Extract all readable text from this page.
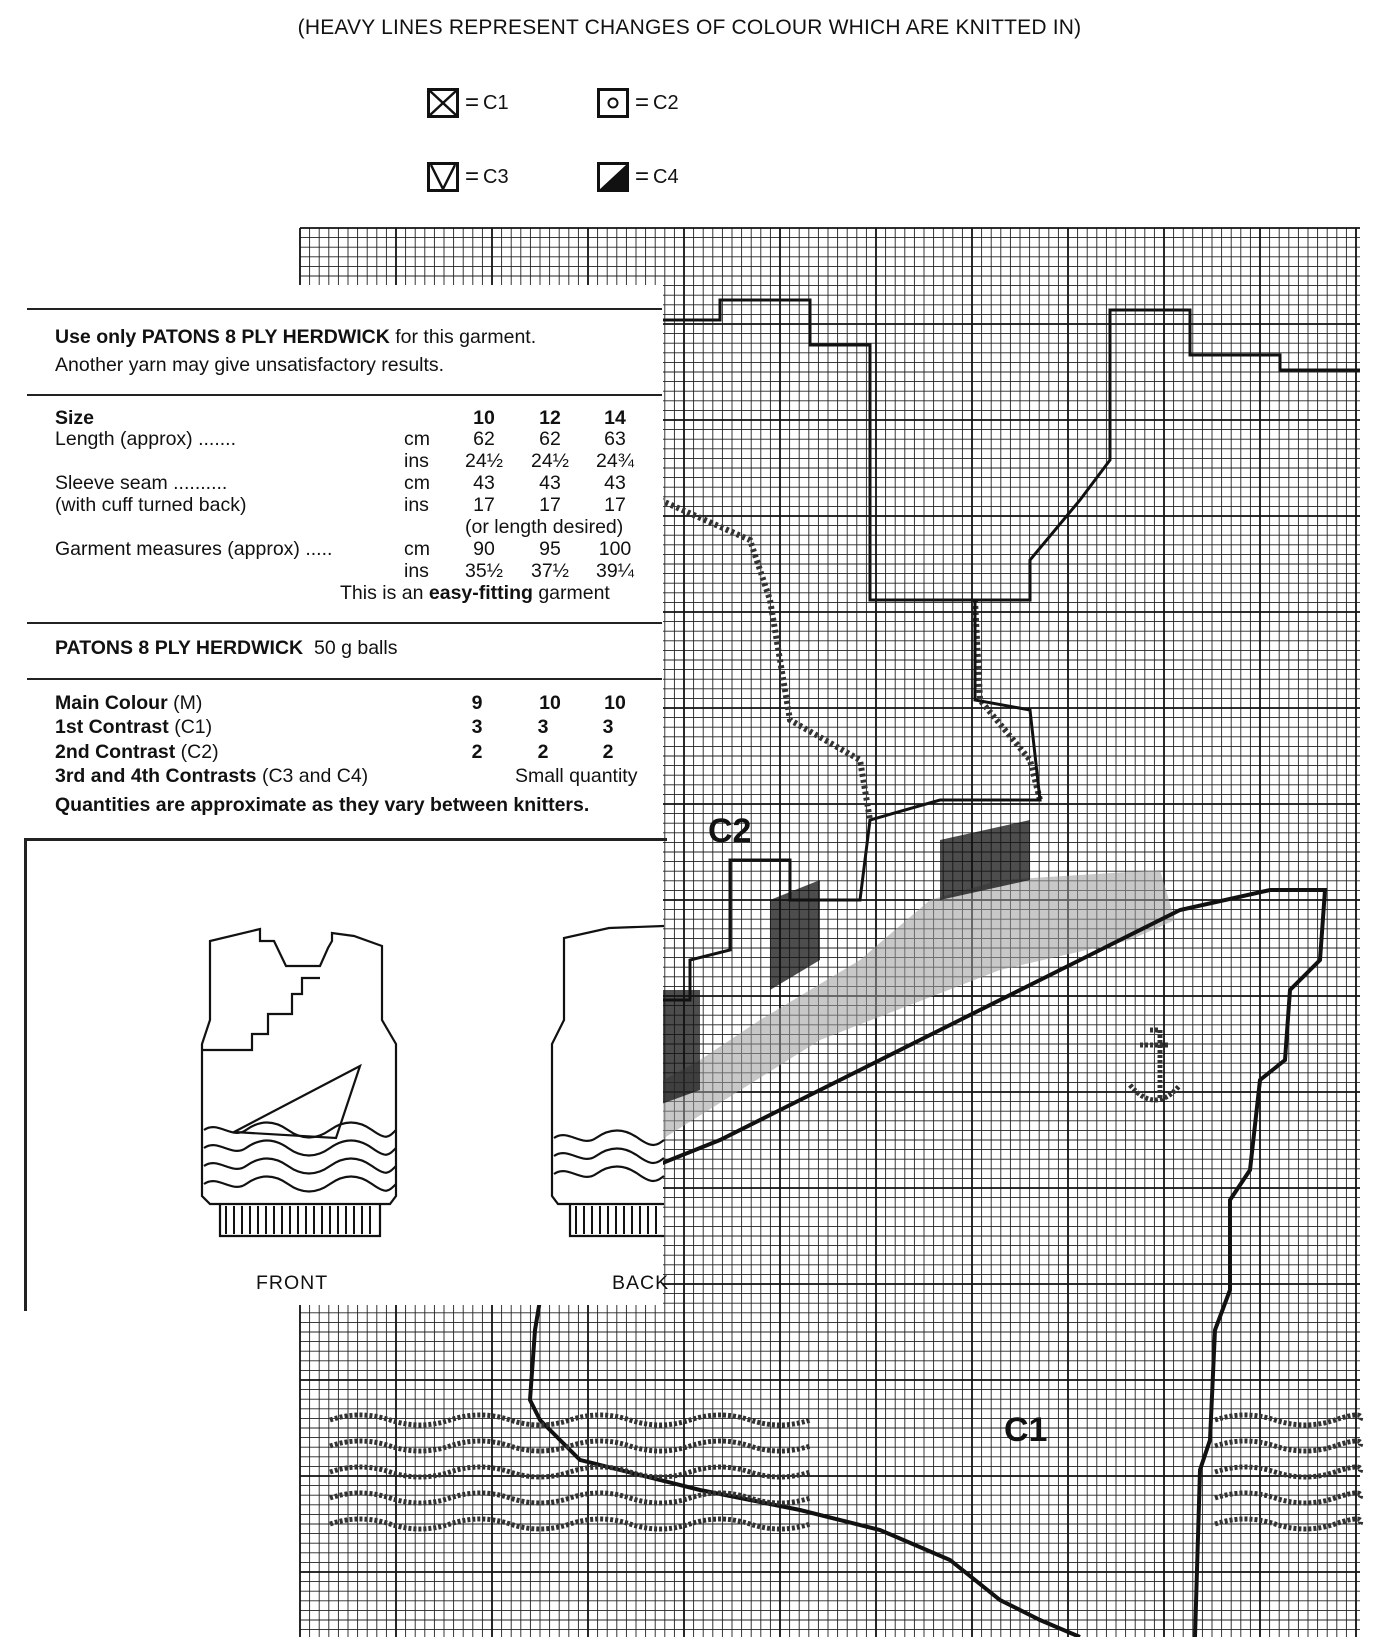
(HEAVY LINES REPRESENT CHANGES OF COLOUR WHICH ARE KNITTED IN)
= C1	= C2
= C3	= C4
C2
C1
Use only PATONS 8 PLY HERDWICK for this garment.
Another yarn may give unsatisfactory results.
Size	10	12	14
Length (approx) .......	cm	62	62	63
ins	24½	24½	24¾
Sleeve seam ..........	cm	43	43	43
(with cuff turned back)	ins	17	17	17
(or length desired)
Garment measures (approx) .....	cm	90	95	100
ins	35½	37½	39¼
This is an easy-fitting garment
PATONS 8 PLY HERDWICK 50 g balls
Main Colour (M)	9	10	10
1st Contrast (C1)	3	3	3
2nd Contrast (C2)	2	2	2
3rd and 4th Contrasts (C3 and C4)	Small quantity
Quantities are approximate as they vary between knitters.
FRONT	BACK
